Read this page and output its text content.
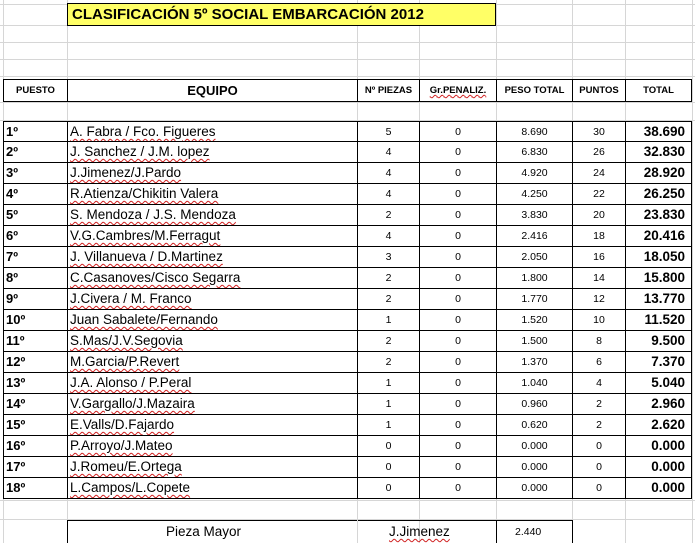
CLASIFICACIÓN 5º SOCIAL EMBARCACIÓN 2012
PUESTO	EQUIPO	Nº PIEZAS	Gr.PENALIZ.	PESO TOTAL	PUNTOS	TOTAL
1º	A. Fabra / Fco. Figueres	5	0	8.690	30	38.690
2º	J. Sanchez / J.M. lopez	4	0	6.830	26	32.830
3º	J.Jimenez/J.Pardo	4	0	4.920	24	28.920
4º	R.Atienza/Chikitin Valera	4	0	4.250	22	26.250
5º	S. Mendoza / J.S. Mendoza	2	0	3.830	20	23.830
6º	V.G.Cambres/M.Ferragut	4	0	2.416	18	20.416
7º	J. Villanueva / D.Martinez	3	0	2.050	16	18.050
8º	C.Casanoves/Cisco Segarra	2	0	1.800	14	15.800
9º	J.Civera / M. Franco	2	0	1.770	12	13.770
10º	Juan Sabalete/Fernando	1	0	1.520	10	11.520
11º	S.Mas/J.V.Segovia	2	0	1.500	8	9.500
12º	M.Garcia/P.Revert	2	0	1.370	6	7.370
13º	J.A. Alonso / P.Peral	1	0	1.040	4	5.040
14º	V.Gargallo/J.Mazaira	1	0	0.960	2	2.960
15º	E.Valls/D.Fajardo	1	0	0.620	2	2.620
16º	P.Arroyo/J.Mateo	0	0	0.000	0	0.000
17º	J.Romeu/E.Ortega	0	0	0.000	0	0.000
18º	L.Campos/L.Copete	0	0	0.000	0	0.000
Pieza Mayor	J.Jimenez	2.440
